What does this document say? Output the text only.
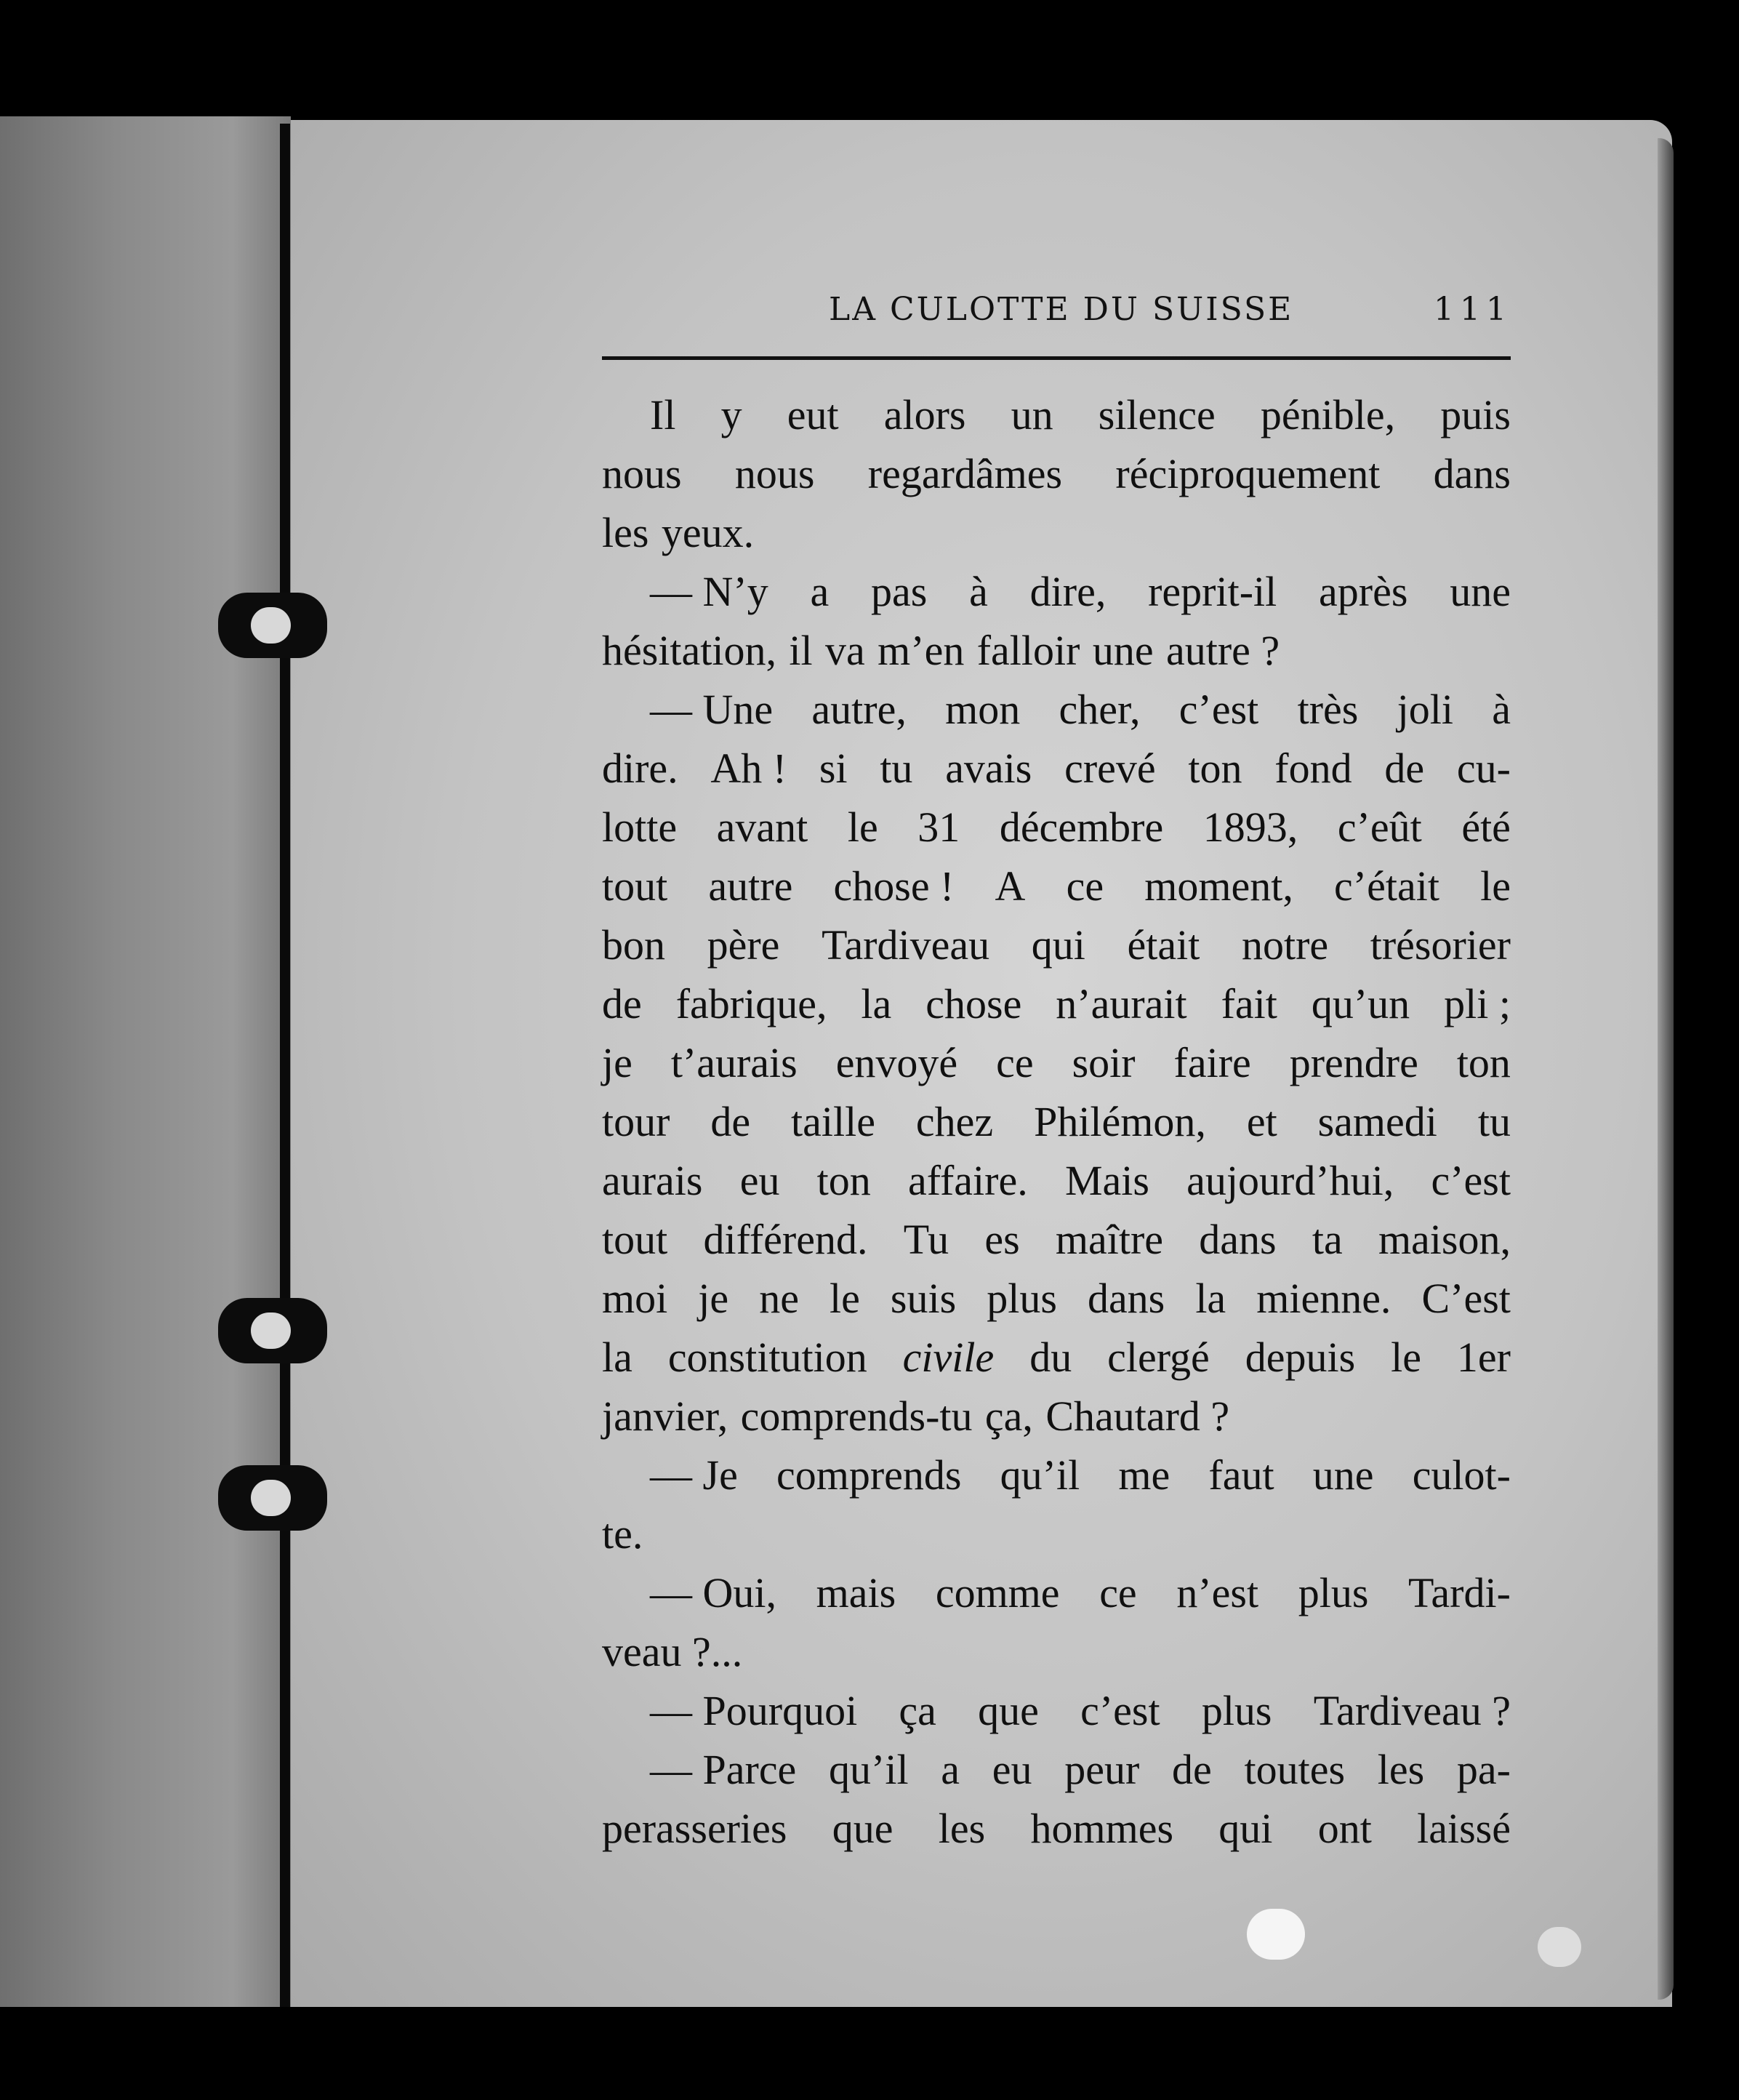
LA CULOTTE DU SUISSE	111
Il y eut alors un silence pénible, puis
nous nous regardâmes réciproquement dans
les yeux.
— N’y a pas à dire, reprit-il après une
hésitation, il va m’en falloir une autre ?
— Une autre, mon cher, c’est très joli à
dire. Ah ! si tu avais crevé ton fond de cu-
lotte avant le 31 décembre 1893, c’eût été
tout autre chose ! A ce moment, c’était le
bon père Tardiveau qui était notre trésorier
de fabrique, la chose n’aurait fait qu’un pli ;
je t’aurais envoyé ce soir faire prendre ton
tour de taille chez Philémon, et samedi tu
aurais eu ton affaire. Mais aujourd’hui, c’est
tout différend. Tu es maître dans ta maison,
moi je ne le suis plus dans la mienne. C’est
la constitution civile du clergé depuis le 1er
janvier, comprends-tu ça, Chautard ?
— Je comprends qu’il me faut une culot-
te.
— Oui, mais comme ce n’est plus Tardi-
veau ?...
— Pourquoi ça que c’est plus Tardiveau ?
— Parce qu’il a eu peur de toutes les pa-
perasseries que les hommes qui ont laissé
